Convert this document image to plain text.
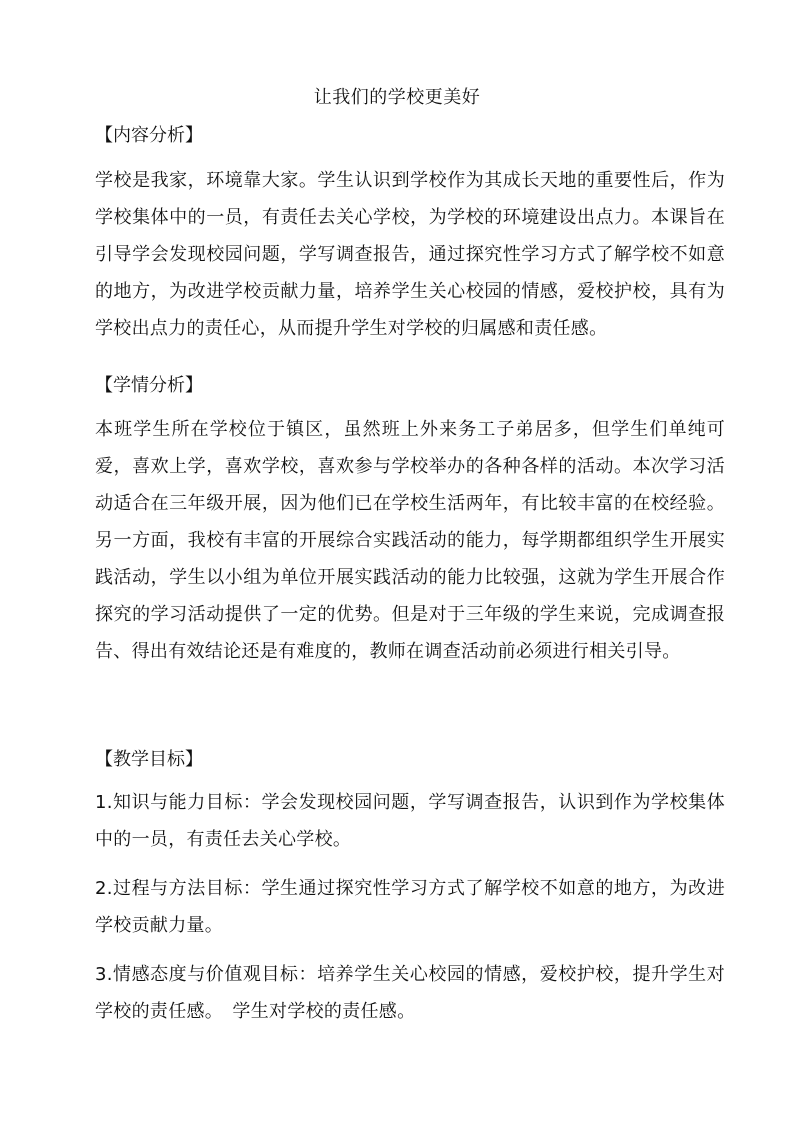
让我们的学校更美好
【内容分析】

学校是我家，环境靠大家。学生认识到学校作为其成长天地的重要性后，作为学校集体中的一员，有责任去关心学校，为学校的环境建设出点力。本课旨在引导学会发现校园问题，学写调查报告，通过探究性学习方式了解学校不如意的地方，为改进学校贡献力量，培养学生关心校园的情感，爱校护校，具有为学校出点力的责任心，从而提升学生对学校的归属感和责任感。

【学情分析】

本班学生所在学校位于镇区，虽然班上外来务工子弟居多，但学生们单纯可爱，喜欢上学，喜欢学校，喜欢参与学校举办的各种各样的活动。本次学习活动适合在三年级开展，因为他们已在学校生活两年，有比较丰富的在校经验。另一方面，我校有丰富的开展综合实践活动的能力，每学期都组织学生开展实践活动，学生以小组为单位开展实践活动的能力比较强，这就为学生开展合作探究的学习活动提供了一定的优势。但是对于三年级的学生来说，完成调查报告、得出有效结论还是有难度的，教师在调查活动前必须进行相关引导。

【教学目标】

1.知识与能力目标：学会发现校园问题，学写调查报告，认识到作为学校集体中的一员，有责任去关心学校。

2.过程与方法目标：学生通过探究性学习方式了解学校不如意的地方，为改进学校贡献力量。

3.情感态度与价值观目标：培养学生关心校园的情感，爱校护校，提升学生对学校的责任感。　学生对学校的责任感。
